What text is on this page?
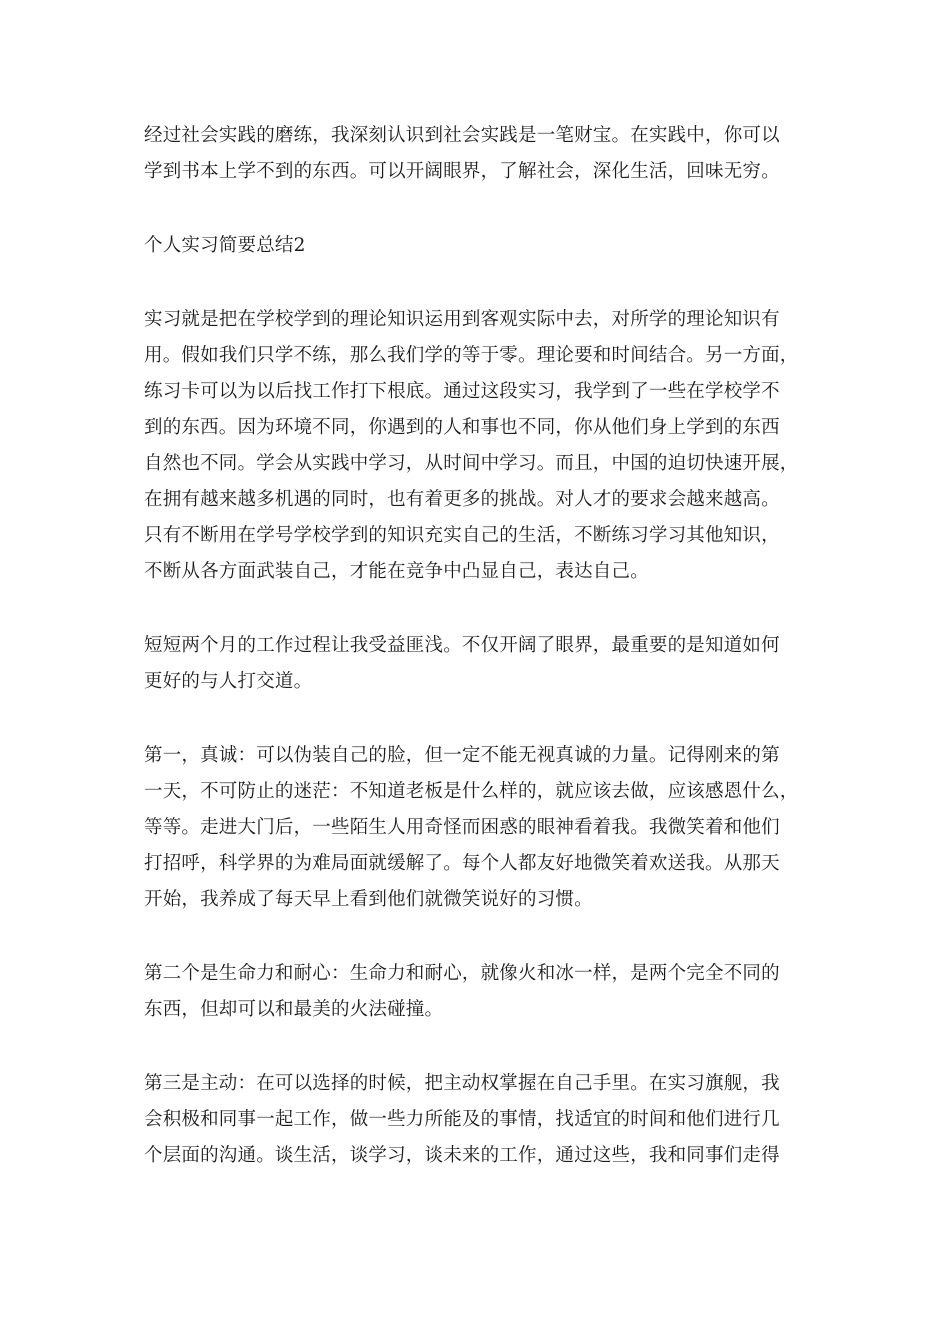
经过社会实践的磨练，我深刻认识到社会实践是一笔财宝。在实践中，你可以
学到书本上学不到的东西。可以开阔眼界，了解社会，深化生活，回味无穷。

个人实习简要总结2

实习就是把在学校学到的理论知识运用到客观实际中去，对所学的理论知识有
用。假如我们只学不练，那么我们学的等于零。理论要和时间结合。另一方面，
练习卡可以为以后找工作打下根底。通过这段实习，我学到了一些在学校学不
到的东西。因为环境不同，你遇到的人和事也不同，你从他们身上学到的东西
自然也不同。学会从实践中学习，从时间中学习。而且，中国的迫切快速开展，
在拥有越来越多机遇的同时，也有着更多的挑战。对人才的要求会越来越高。
只有不断用在学号学校学到的知识充实自己的生活，不断练习学习其他知识，
不断从各方面武装自己，才能在竞争中凸显自己，表达自己。

短短两个月的工作过程让我受益匪浅。不仅开阔了眼界，最重要的是知道如何
更好的与人打交道。

第一，真诚：可以伪装自己的脸，但一定不能无视真诚的力量。记得刚来的第
一天，不可防止的迷茫：不知道老板是什么样的，就应该去做，应该感恩什么，
等等。走进大门后，一些陌生人用奇怪而困惑的眼神看着我。我微笑着和他们
打招呼，科学界的为难局面就缓解了。每个人都友好地微笑着欢送我。从那天
开始，我养成了每天早上看到他们就微笑说好的习惯。

第二个是生命力和耐心：生命力和耐心，就像火和冰一样，是两个完全不同的
东西，但却可以和最美的火法碰撞。

第三是主动：在可以选择的时候，把主动权掌握在自己手里。在实习旗舰，我
会积极和同事一起工作，做一些力所能及的事情，找适宜的时间和他们进行几
个层面的沟通。谈生活，谈学习，谈未来的工作，通过这些，我和同事们走得
